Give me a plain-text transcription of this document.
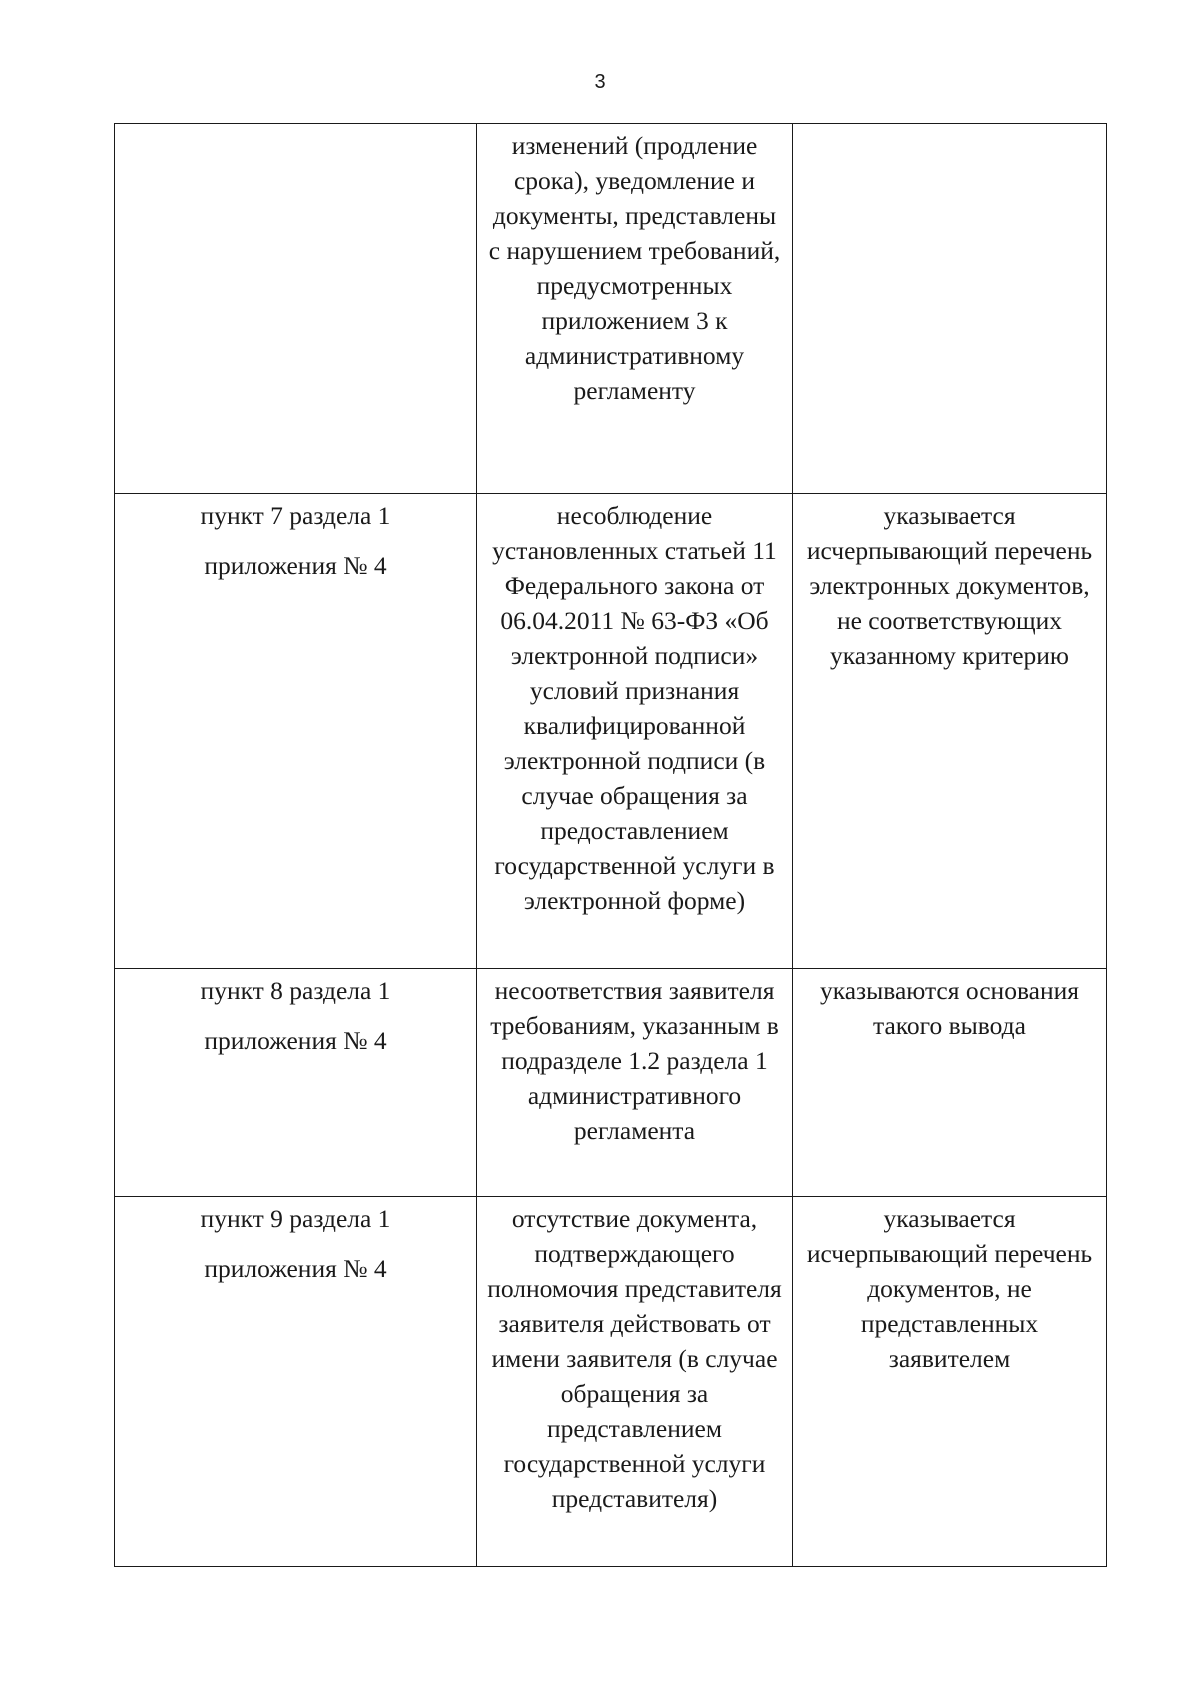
3

	изменений (продление срока), уведомление и документы, представлены с нарушением требований, предусмотренных приложением 3 к административному регламенту	

пункт 7 раздела 1
приложения № 4	несоблюдение установленных статьей 11 Федерального закона от 06.04.2011 № 63-ФЗ «Об электронной подписи» условий признания квалифицированной электронной подписи (в случае обращения за предоставлением государственной услуги в электронной форме)	указывается исчерпывающий перечень электронных документов, не соответствующих указанному критерию

пункт 8 раздела 1
приложения № 4	несоответствия заявителя требованиям, указанным в подразделе 1.2 раздела 1 административного регламента	указываются основания такого вывода

пункт 9 раздела 1
приложения № 4	отсутствие документа, подтверждающего полномочия представителя заявителя действовать от имени заявителя (в случае обращения за представлением государственной услуги представителя)	указывается исчерпывающий перечень документов, не представленных заявителем
